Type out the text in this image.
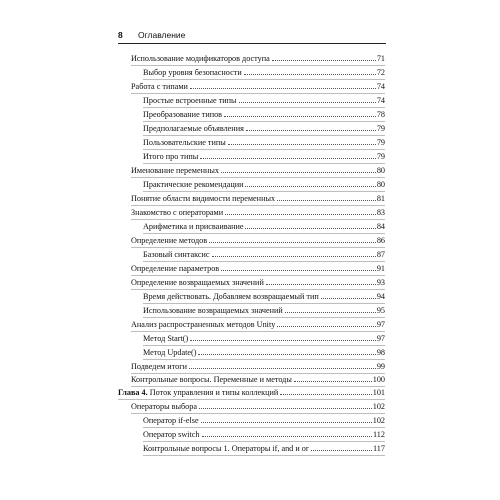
8 Оглавление
Использование модификаторов доступа	71
Выбор уровня безопасности	72
Работа с типами	74
Простые встроенные типы	74
Преобразование типов	78
Предполагаемые объявления	79
Пользовательские типы	79
Итого про типы	79
Именование переменных	80
Практические рекомендации	80
Понятие области видимости переменных	81
Знакомство с операторами	83
Арифметика и присваивание	84
Определение методов	86
Базовый синтаксис	87
Определение параметров	91
Определение возвращаемых значений	93
Время действовать. Добавляем возвращаемый тип	94
Использование возвращаемых значений	95
Анализ распространенных методов Unity	97
Метод Start()	97
Метод Update()	98
Подведем итоги	99
Контрольные вопросы. Переменные и методы	100
Глава 4. Поток управления и типы коллекций	101
Операторы выбора	102
Оператор if-else	102
Оператор switch	112
Контрольные вопросы 1. Операторы if, and и or	117
